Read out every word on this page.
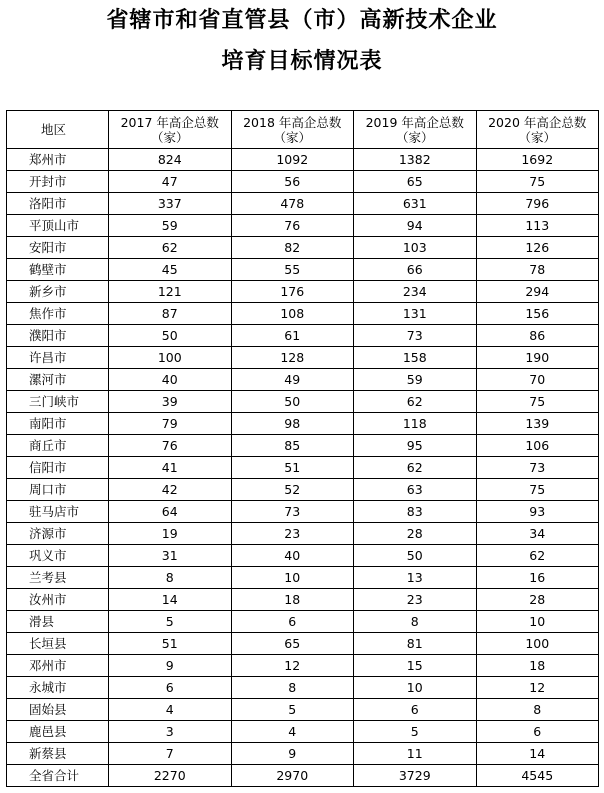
省辖市和省直管县（市）高新技术企业
培育目标情况表
地区	2017 年高企总数（家）	2018 年高企总数（家）	2019 年高企总数（家）	2020 年高企总数（家）
郑州市	824	1092	1382	1692
开封市	47	56	65	75
洛阳市	337	478	631	796
平顶山市	59	76	94	113
安阳市	62	82	103	126
鹤壁市	45	55	66	78
新乡市	121	176	234	294
焦作市	87	108	131	156
濮阳市	50	61	73	86
许昌市	100	128	158	190
漯河市	40	49	59	70
三门峡市	39	50	62	75
南阳市	79	98	118	139
商丘市	76	85	95	106
信阳市	41	51	62	73
周口市	42	52	63	75
驻马店市	64	73	83	93
济源市	19	23	28	34
巩义市	31	40	50	62
兰考县	8	10	13	16
汝州市	14	18	23	28
滑县	5	6	8	10
长垣县	51	65	81	100
邓州市	9	12	15	18
永城市	6	8	10	12
固始县	4	5	6	8
鹿邑县	3	4	5	6
新蔡县	7	9	11	14
全省合计	2270	2970	3729	4545
